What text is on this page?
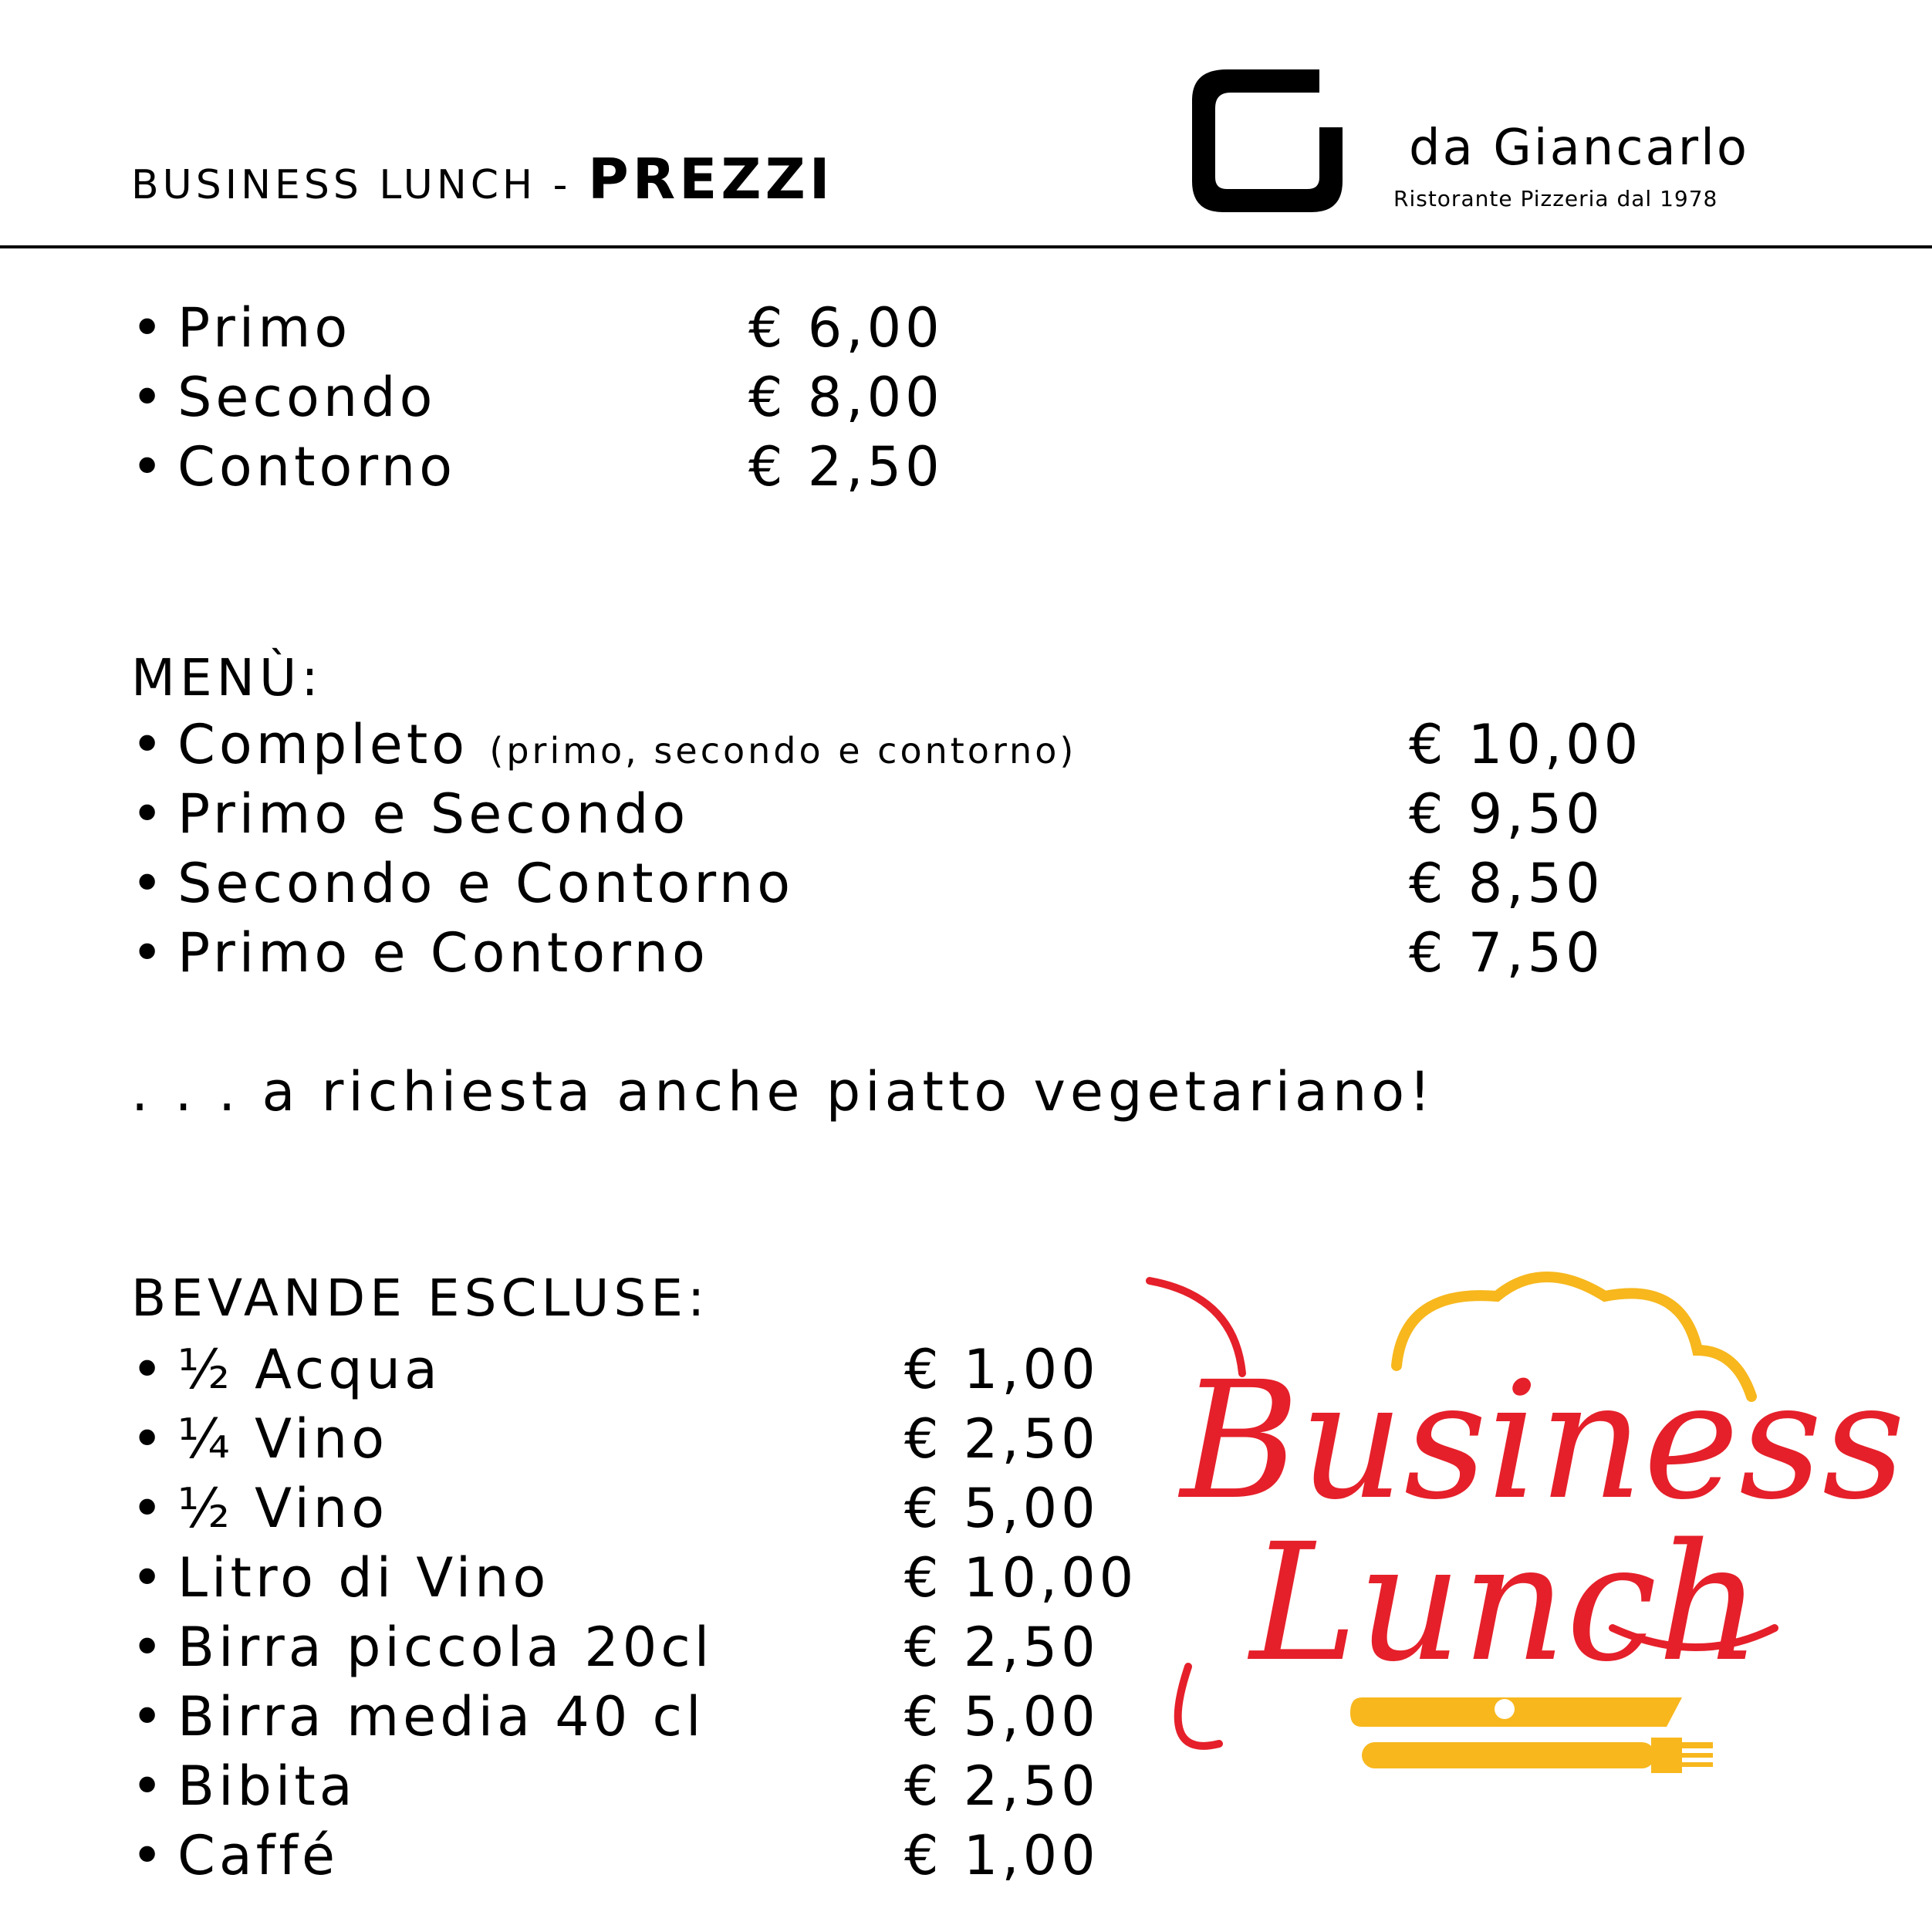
BUSINESS LUNCH - PREZZI	da Giancarlo
Ristorante Pizzeria dal 1978
• Primo	€ 6,00
• Secondo	€ 8,00
• Contorno	€ 2,50
MENÙ:
• Completo (primo, secondo e contorno)	€ 10,00
• Primo e Secondo	€ 9,50
• Secondo e Contorno	€ 8,50
• Primo e Contorno	€ 7,50
. . . a richiesta anche piatto vegetariano!
BEVANDE ESCLUSE:
• ½ Acqua	€ 1,00
• ¼ Vino	€ 2,50
• ½ Vino	€ 5,00
• Litro di Vino	€ 10,00
• Birra piccola 20cl	€ 2,50
• Birra media 40 cl	€ 5,00
• Bibita	€ 2,50
• Caffé	€ 1,00
Business
Lunch
